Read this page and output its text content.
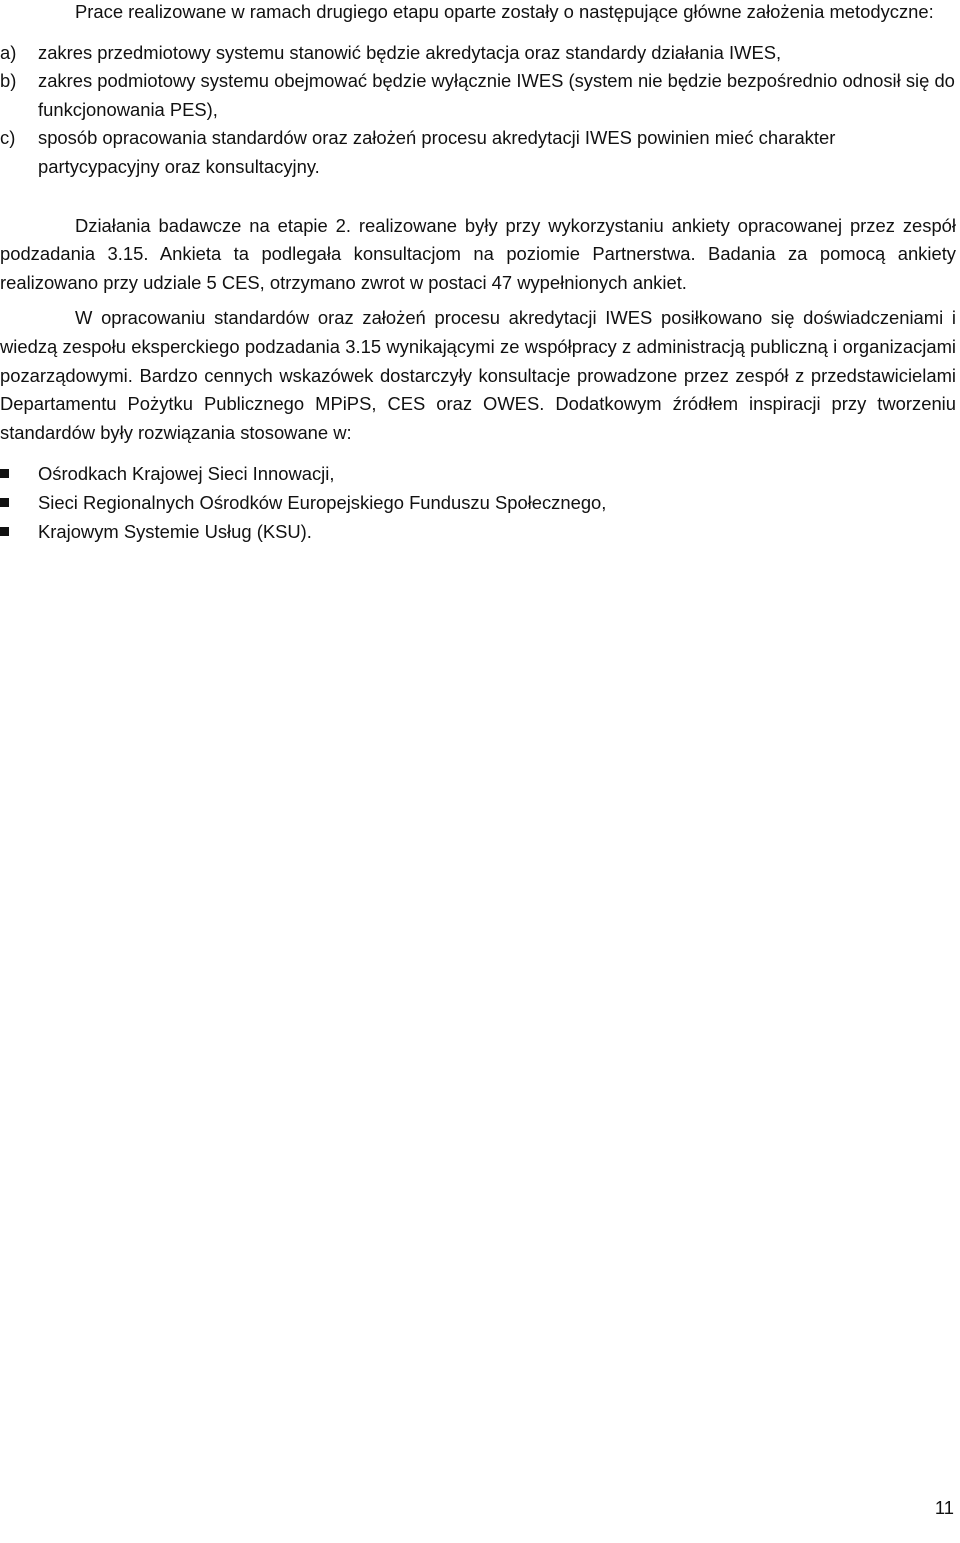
Prace realizowane w ramach drugiego etapu oparte zostały o następujące główne założenia metodyczne:

a) zakres przedmiotowy systemu stanowić będzie akredytacja oraz standardy działania IWES,
b) zakres podmiotowy systemu obejmować będzie wyłącznie IWES (system nie będzie bezpośrednio odnosił się do funkcjonowania PES),
c) sposób opracowania standardów oraz założeń procesu akredytacji IWES powinien mieć charakter partycypacyjny oraz konsultacyjny.

Działania badawcze na etapie 2. realizowane były przy wykorzystaniu ankiety opracowanej przez zespół podzadania 3.15. Ankieta ta podlegała konsultacjom na poziomie Partnerstwa. Badania za pomocą ankiety realizowano przy udziale 5 CES, otrzymano zwrot w postaci 47 wypełnionych ankiet.

W opracowaniu standardów oraz założeń procesu akredytacji IWES posiłkowano się doświadczeniami i wiedzą zespołu eksperckiego podzadania 3.15 wynikającymi ze współpracy z administracją publiczną i organizacjami pozarządowymi. Bardzo cennych wskazówek dostarczyły konsultacje prowadzone przez zespół z przedstawicielami Departamentu Pożytku Publicznego MPiPS, CES oraz OWES. Dodatkowym źródłem inspiracji przy tworzeniu standardów były rozwiązania stosowane w:

Ośrodkach Krajowej Sieci Innowacji,
Sieci Regionalnych Ośrodków Europejskiego Funduszu Społecznego,
Krajowym Systemie Usług (KSU).
11
